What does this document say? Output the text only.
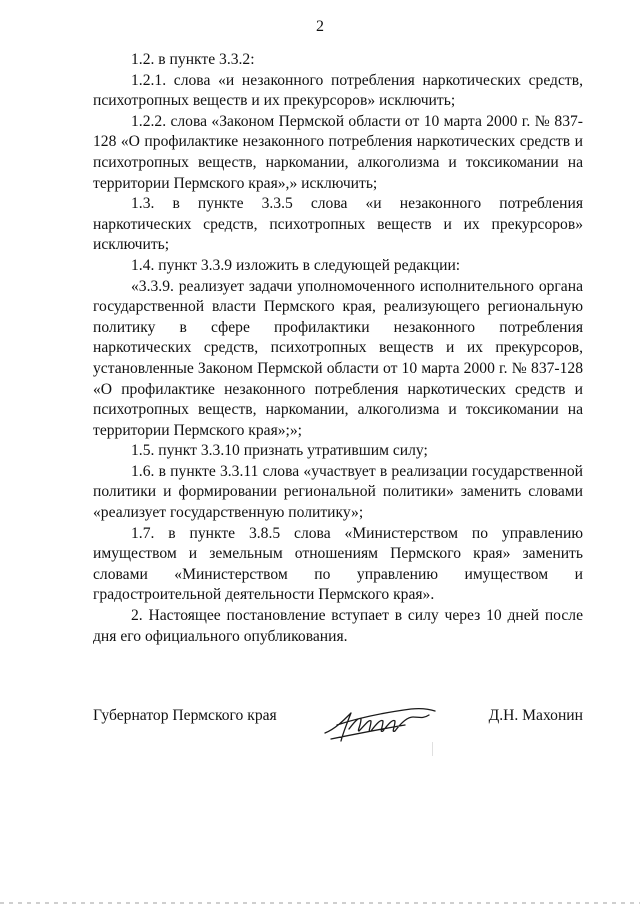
2

1.2. в пункте 3.3.2:

1.2.1. слова «и незаконного потребления наркотических средств, психотропных веществ и их прекурсоров» исключить;

1.2.2. слова «Законом Пермской области от 10 марта 2000 г. № 837-128 «О профилактике незаконного потребления наркотических средств и психотропных веществ, наркомании, алкоголизма и токсикомании на территории Пермского края»,» исключить;

1.3. в пункте 3.3.5 слова «и незаконного потребления наркотических средств, психотропных веществ и их прекурсоров» исключить;

1.4. пункт 3.3.9 изложить в следующей редакции:

«3.3.9. реализует задачи уполномоченного исполнительного органа государственной власти Пермского края, реализующего региональную политику в сфере профилактики незаконного потребления наркотических средств, психотропных веществ и их прекурсоров, установленные Законом Пермской области от 10 марта 2000 г. № 837-128 «О профилактике незаконного потребления наркотических средств и психотропных веществ, наркомании, алкоголизма и токсикомании на территории Пермского края»;»;

1.5. пункт 3.3.10 признать утратившим силу;

1.6. в пункте 3.3.11 слова «участвует в реализации государственной политики и формировании региональной политики» заменить словами «реализует государственную политику»;

1.7. в пункте 3.8.5 слова «Министерством по управлению имуществом и земельным отношениям Пермского края» заменить словами «Министерством по управлению имуществом и градостроительной деятельности Пермского края».

2. Настоящее постановление вступает в силу через 10 дней после дня его официального опубликования.

Губернатор Пермского края	Д.Н. Махонин
